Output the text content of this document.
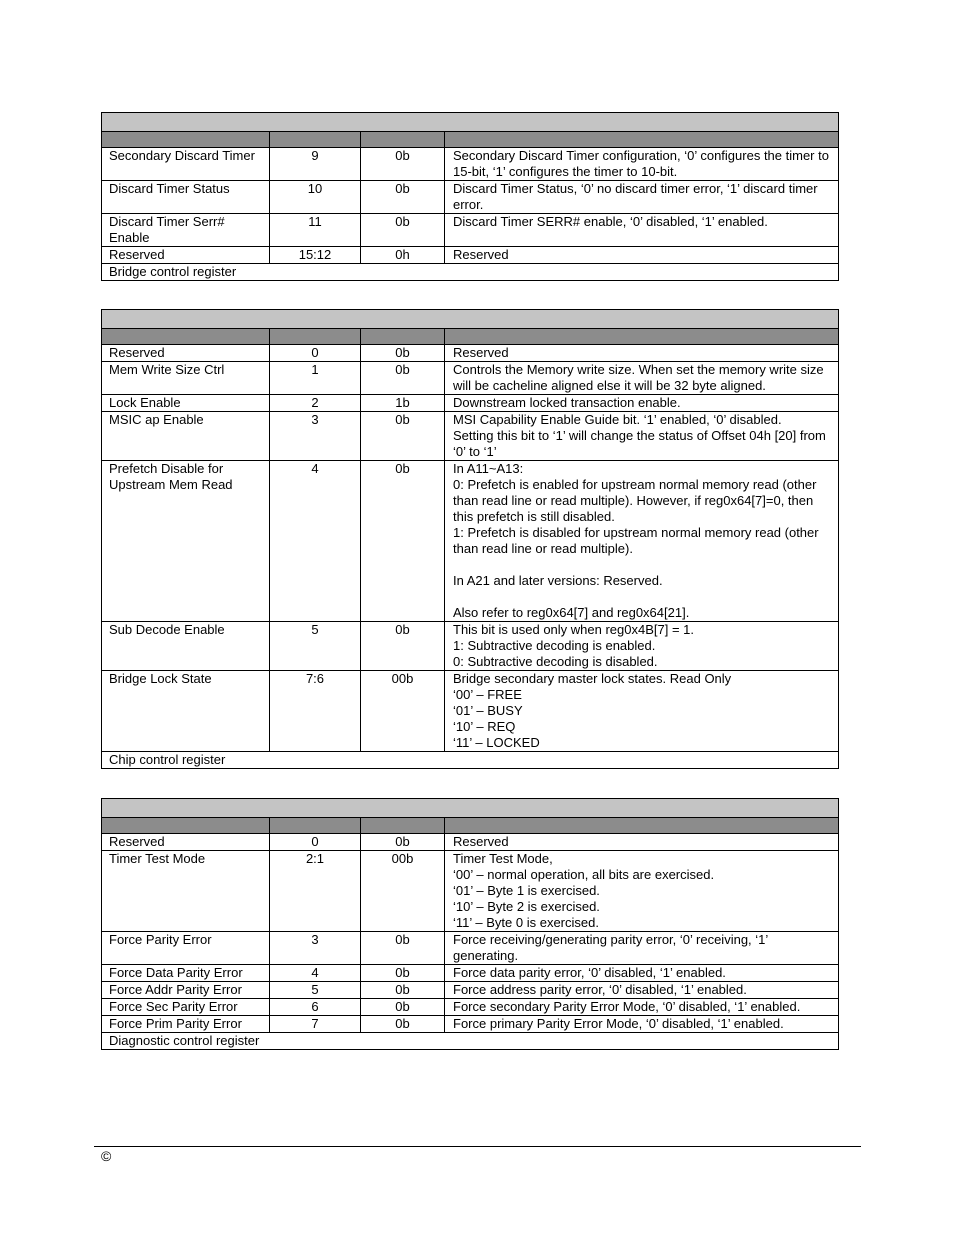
Secondary Discard Timer	9	0b	Secondary Discard Timer configuration, ‘0’ configures the timer to 15-bit, ‘1’ configures the timer to 10-bit.
Discard Timer Status	10	0b	Discard Timer Status, ‘0’ no discard timer error, ‘1’ discard timer error.
Discard Timer Serr# Enable	11	0b	Discard Timer SERR# enable, ‘0’ disabled, ‘1’ enabled.
Reserved	15:12	0h	Reserved
Bridge control register			

Reserved	0	0b	Reserved
Mem Write Size Ctrl	1	0b	Controls the Memory write size. When set the memory write size will be cacheline aligned else it will be 32 byte aligned.
Lock Enable	2	1b	Downstream locked transaction enable.
MSIC ap Enable	3	0b	MSI Capability Enable Guide bit. ‘1’ enabled, ‘0’ disabled.
Setting this bit to ‘1’ will change the status of Offset 04h [20] from ‘0’ to ‘1’
Prefetch Disable for Upstream Mem Read	4	0b	In A11~A13:
0: Prefetch is enabled for upstream normal memory read (other than read line or read multiple). However, if reg0x64[7]=0, then this prefetch is still disabled.
1: Prefetch is disabled for upstream normal memory read (other than read line or read multiple).

In A21 and later versions: Reserved.

Also refer to reg0x64[7] and reg0x64[21].
Sub Decode Enable	5	0b	This bit is used only when reg0x4B[7] = 1.
1: Subtractive decoding is enabled.
0: Subtractive decoding is disabled.
Bridge Lock State	7:6	00b	Bridge secondary master lock states. Read Only
‘00’ – FREE
‘01’ – BUSY
‘10’ – REQ
‘11’ – LOCKED
Chip control register			

Reserved	0	0b	Reserved
Timer Test Mode	2:1	00b	Timer Test Mode,
‘00’ – normal operation, all bits are exercised.
‘01’ – Byte 1 is exercised.
‘10’ – Byte 2 is exercised.
‘11’ – Byte 0 is exercised.
Force Parity Error	3	0b	Force receiving/generating parity error, ‘0’ receiving, ‘1’ generating.
Force Data Parity Error	4	0b	Force data parity error, ‘0’ disabled, ‘1’ enabled.
Force Addr Parity Error	5	0b	Force address parity error, ‘0’ disabled, ‘1’ enabled.
Force Sec Parity Error	6	0b	Force secondary Parity Error Mode, ‘0’ disabled, ‘1’ enabled.
Force Prim Parity Error	7	0b	Force primary Parity Error Mode, ‘0’ disabled, ‘1’ enabled.
Diagnostic control register			
©
